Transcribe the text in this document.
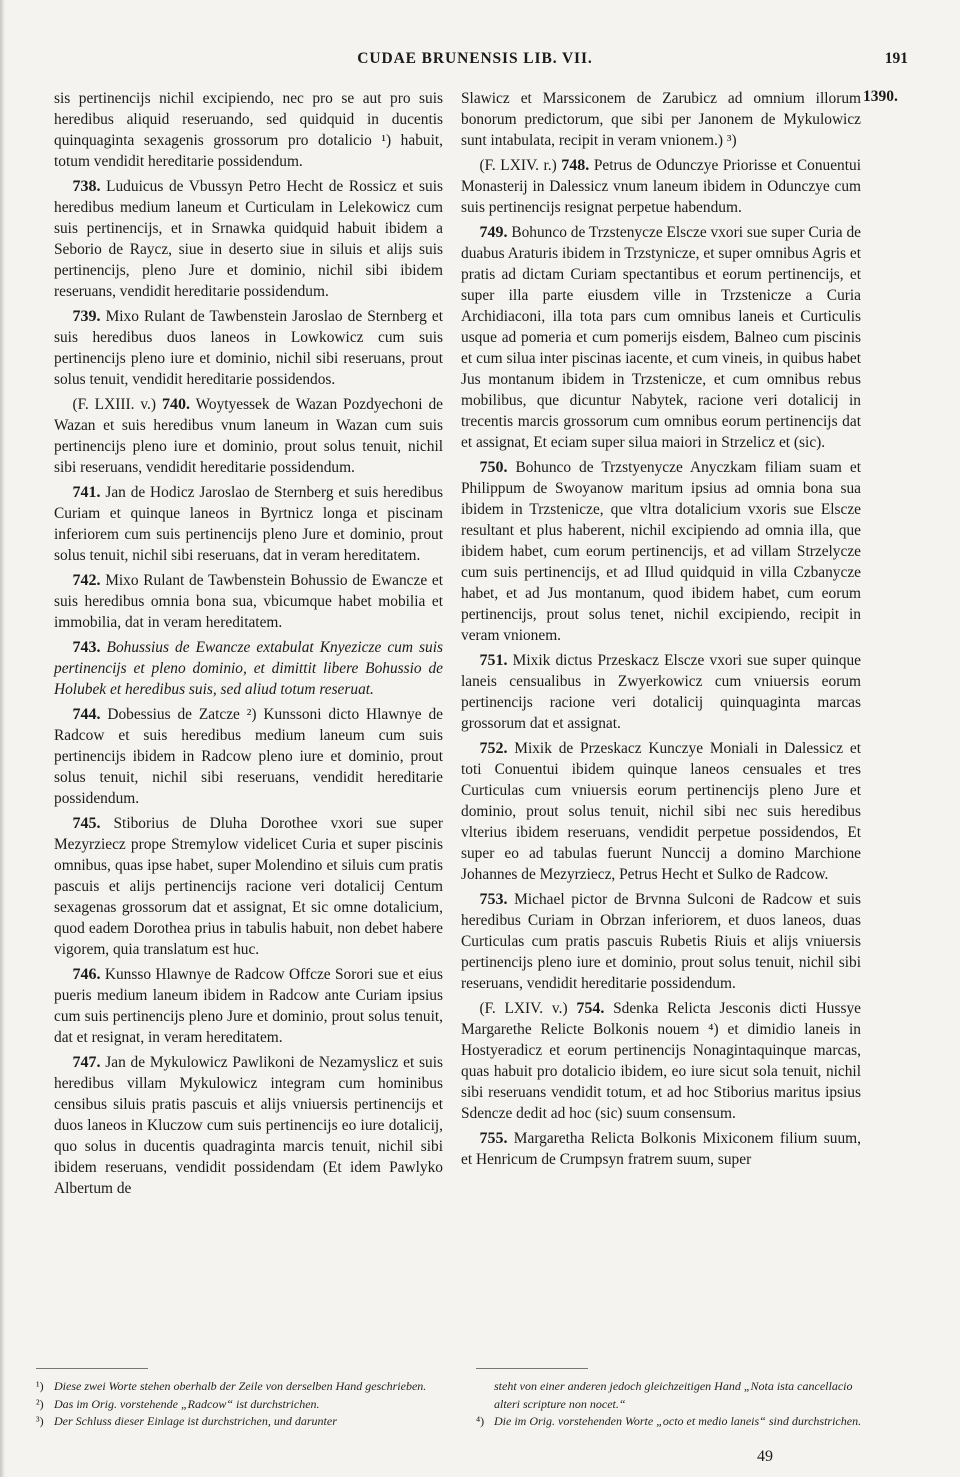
CUDAE BRUNENSIS LIB. VII.	191
1390.

sis pertinencijs nichil excipiendo, nec pro se aut pro suis heredibus aliquid reseruando, sed quidquid in ducentis quinquaginta sexagenis grossorum pro dotalicio ¹) habuit, totum vendidit hereditarie possidendum.

738. Luduicus de Vbussyn Petro Hecht de Rossicz et suis heredibus medium laneum et Curticulam in Lelekowicz cum suis pertinencijs, et in Srnawka quidquid habuit ibidem a Seborio de Raycz, siue in deserto siue in siluis et alijs suis pertinencijs, pleno Jure et dominio, nichil sibi ibidem reseruans, vendidit hereditarie possidendum.

739. Mixo Rulant de Tawbenstein Jaroslao de Sternberg et suis heredibus duos laneos in Lowkowicz cum suis pertinencijs pleno iure et dominio, nichil sibi reseruans, prout solus tenuit, vendidit hereditarie possidendos.

(F. LXIII. v.) 740. Woytyessek de Wazan Pozdyechoni de Wazan et suis heredibus vnum laneum in Wazan cum suis pertinencijs pleno iure et dominio, prout solus tenuit, nichil sibi reseruans, vendidit hereditarie possidendum.

741. Jan de Hodicz Jaroslao de Sternberg et suis heredibus Curiam et quinque laneos in Byrtnicz longa et piscinam inferiorem cum suis pertinencijs pleno Jure et dominio, prout solus tenuit, nichil sibi reseruans, dat in veram hereditatem.

742. Mixo Rulant de Tawbenstein Bohussio de Ewancze et suis heredibus omnia bona sua, vbicumque habet mobilia et immobilia, dat in veram hereditatem.

743. Bohussius de Ewancze extabulat Knyezicze cum suis pertinencijs et pleno dominio, et dimittit libere Bohussio de Holubek et heredibus suis, sed aliud totum reseruat.

744. Dobessius de Zatcze ²) Kunssoni dicto Hlawnye de Radcow et suis heredibus medium laneum cum suis pertinencijs ibidem in Radcow pleno iure et dominio, prout solus tenuit, nichil sibi reseruans, vendidit hereditarie possidendum.

745. Stiborius de Dluha Dorothee vxori sue super Mezyrziecz prope Stremylow videlicet Curia et super piscinis omnibus, quas ipse habet, super Molendino et siluis cum pratis pascuis et alijs pertinencijs racione veri dotalicij Centum sexagenas grossorum dat et assignat, Et sic omne dotalicium, quod eadem Dorothea prius in tabulis habuit, non debet habere vigorem, quia translatum est huc.

746. Kunsso Hlawnye de Radcow Offcze Sorori sue et eius pueris medium laneum ibidem in Radcow ante Curiam ipsius cum suis pertinencijs pleno Jure et dominio, prout solus tenuit, dat et resignat, in veram hereditatem.

747. Jan de Mykulowicz Pawlikoni de Nezamyslicz et suis heredibus villam Mykulowicz integram cum hominibus censibus siluis pratis pascuis et alijs vniuersis pertinencijs et duos laneos in Kluczow cum suis pertinencijs eo iure dotalicij, quo solus in ducentis quadraginta marcis tenuit, nichil sibi ibidem reseruans, vendidit possidendam (Et idem Pawlyko Albertum de

Slawicz et Marssiconem de Zarubicz ad omnium illorum bonorum predictorum, que sibi per Janonem de Mykulowicz sunt intabulata, recipit in veram vnionem.) ³)

(F. LXIV. r.) 748. Petrus de Odunczye Priorisse et Conuentui Monasterij in Dalessicz vnum laneum ibidem in Odunczye cum suis pertinencijs resignat perpetue habendum.

749. Bohunco de Trzstenycze Elscze vxori sue super Curia de duabus Araturis ibidem in Trzstynicze, et super omnibus Agris et pratis ad dictam Curiam spectantibus et eorum pertinencijs, et super illa parte eiusdem ville in Trzstenicze a Curia Archidiaconi, illa tota pars cum omnibus laneis et Curticulis usque ad pomeria et cum pomerijs eisdem, Balneo cum piscinis et cum silua inter piscinas iacente, et cum vineis, in quibus habet Jus montanum ibidem in Trzstenicze, et cum omnibus rebus mobilibus, que dicuntur Nabytek, racione veri dotalicij in trecentis marcis grossorum cum omnibus eorum pertinencijs dat et assignat, Et eciam super silua maiori in Strzelicz et (sic).

750. Bohunco de Trzstyenycze Anyczkam filiam suam et Philippum de Swoyanow maritum ipsius ad omnia bona sua ibidem in Trzstenicze, que vltra dotalicium vxoris sue Elscze resultant et plus haberent, nichil excipiendo ad omnia illa, que ibidem habet, cum eorum pertinencijs, et ad villam Strzelycze cum suis pertinencijs, et ad Illud quidquid in villa Czbanycze habet, et ad Jus montanum, quod ibidem habet, cum eorum pertinencijs, prout solus tenet, nichil excipiendo, recipit in veram vnionem.

751. Mixik dictus Przeskacz Elscze vxori sue super quinque laneis censualibus in Zwyerkowicz cum vniuersis eorum pertinencijs racione veri dotalicij quinquaginta marcas grossorum dat et assignat.

752. Mixik de Przeskacz Kunczye Moniali in Dalessicz et toti Conuentui ibidem quinque laneos censuales et tres Curticulas cum vniuersis eorum pertinencijs pleno Jure et dominio, prout solus tenuit, nichil sibi nec suis heredibus vlterius ibidem reseruans, vendidit perpetue possidendos, Et super eo ad tabulas fuerunt Nunccij a domino Marchione Johannes de Mezyrziecz, Petrus Hecht et Sulko de Radcow.

753. Michael pictor de Brvnna Sulconi de Radcow et suis heredibus Curiam in Obrzan inferiorem, et duos laneos, duas Curticulas cum pratis pascuis Rubetis Riuis et alijs vniuersis pertinencijs pleno iure et dominio, prout solus tenuit, nichil sibi reseruans, vendidit hereditarie possidendum.

(F. LXIV. v.) 754. Sdenka Relicta Jesconis dicti Hussye Margarethe Relicte Bolkonis nouem ⁴) et dimidio laneis in Hostyeradicz et eorum pertinencijs Nonagintaquinque marcas, quas habuit pro dotalicio ibidem, eo iure sicut sola tenuit, nichil sibi reseruans vendidit totum, et ad hoc Stiborius maritus ipsius Sdencze dedit ad hoc (sic) suum consensum.

755. Margaretha Relicta Bolkonis Mixiconem filium suum, et Henricum de Crumpsyn fratrem suum, super

¹) Diese zwei Worte stehen oberhalb der Zeile von derselben Hand geschrieben.

²) Das im Orig. vorstehende „Radcow“ ist durchstrichen.

³) Der Schluss dieser Einlage ist durchstrichen, und darunter

steht von einer anderen jedoch gleichzeitigen Hand „Nota ista cancellacio alteri scripture non nocet.“

⁴) Die im Orig. vorstehenden Worte „octo et medio laneis“ sind durchstrichen.

49
